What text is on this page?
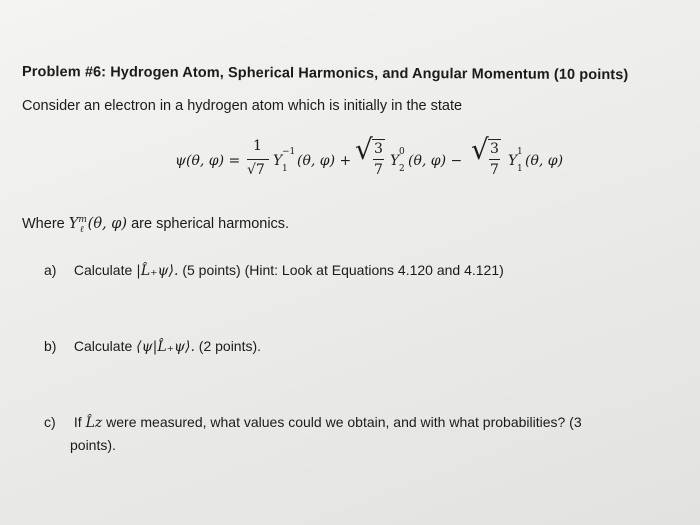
Problem #6: Hydrogen Atom, Spherical Harmonics, and Angular Momentum (10 points)
Consider an electron in a hydrogen atom which is initially in the state
ψ(θ, φ) =
1
√7
Y
−1
1 (θ, φ) + √ 3
7
Y
0
2 (θ, φ) − √ 3
7
Y
1
1 (θ, φ)
Where $Y^m_\ell$ (θ, φ) are spherical harmonics.
a) Calculate |L̂₊ψ⟩. (5 points) (Hint: Look at Equations 4.120 and 4.121)
b) Calculate ⟨ψ|L̂₊ψ⟩. (2 points).
c) If L̂z were measured, what values could we obtain, and with what probabilities? (3
points).
